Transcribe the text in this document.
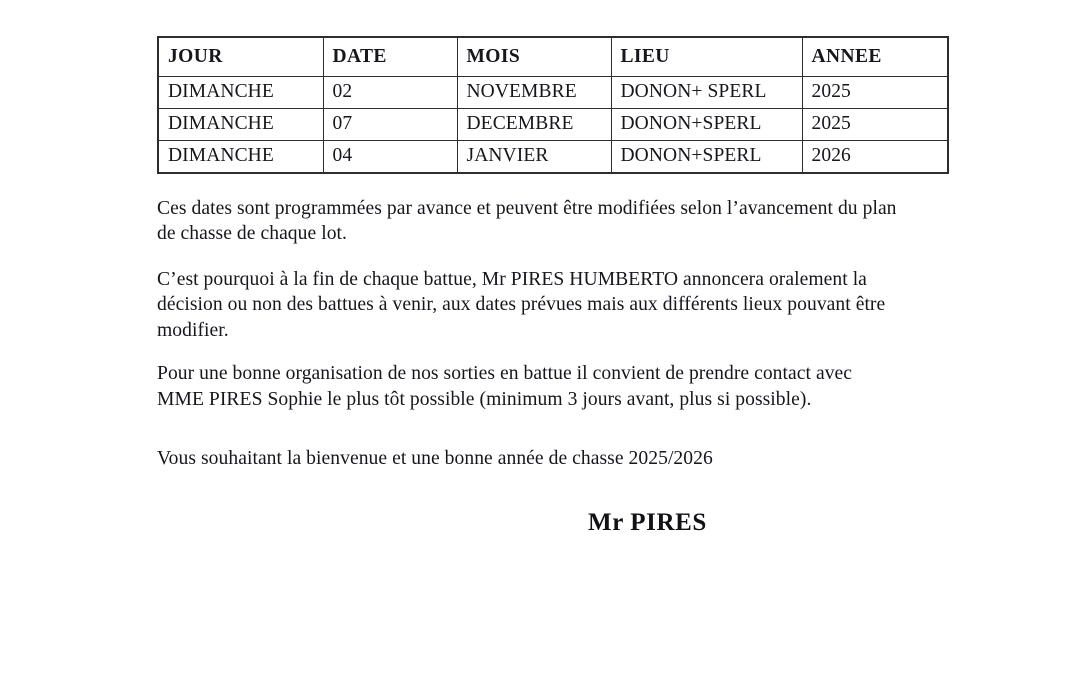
JOUR	DATE	MOIS	LIEU	ANNEE
DIMANCHE	02	NOVEMBRE	DONON+ SPERL	2025
DIMANCHE	07	DECEMBRE	DONON+SPERL	2025
DIMANCHE	04	JANVIER	DONON+SPERL	2026

Ces dates sont programmées par avance et peuvent être modifiées selon l’avancement du plan
de chasse de chaque lot.

C’est pourquoi à la fin de chaque battue, Mr PIRES HUMBERTO annoncera oralement la
décision ou non des battues à venir, aux dates prévues mais aux différents lieux pouvant être
modifier.

Pour une bonne organisation de nos sorties en battue il convient de prendre contact avec
MME PIRES Sophie le plus tôt possible (minimum 3 jours avant, plus si possible).

Vous souhaitant la bienvenue et une bonne année de chasse 2025/2026

Mr PIRES
